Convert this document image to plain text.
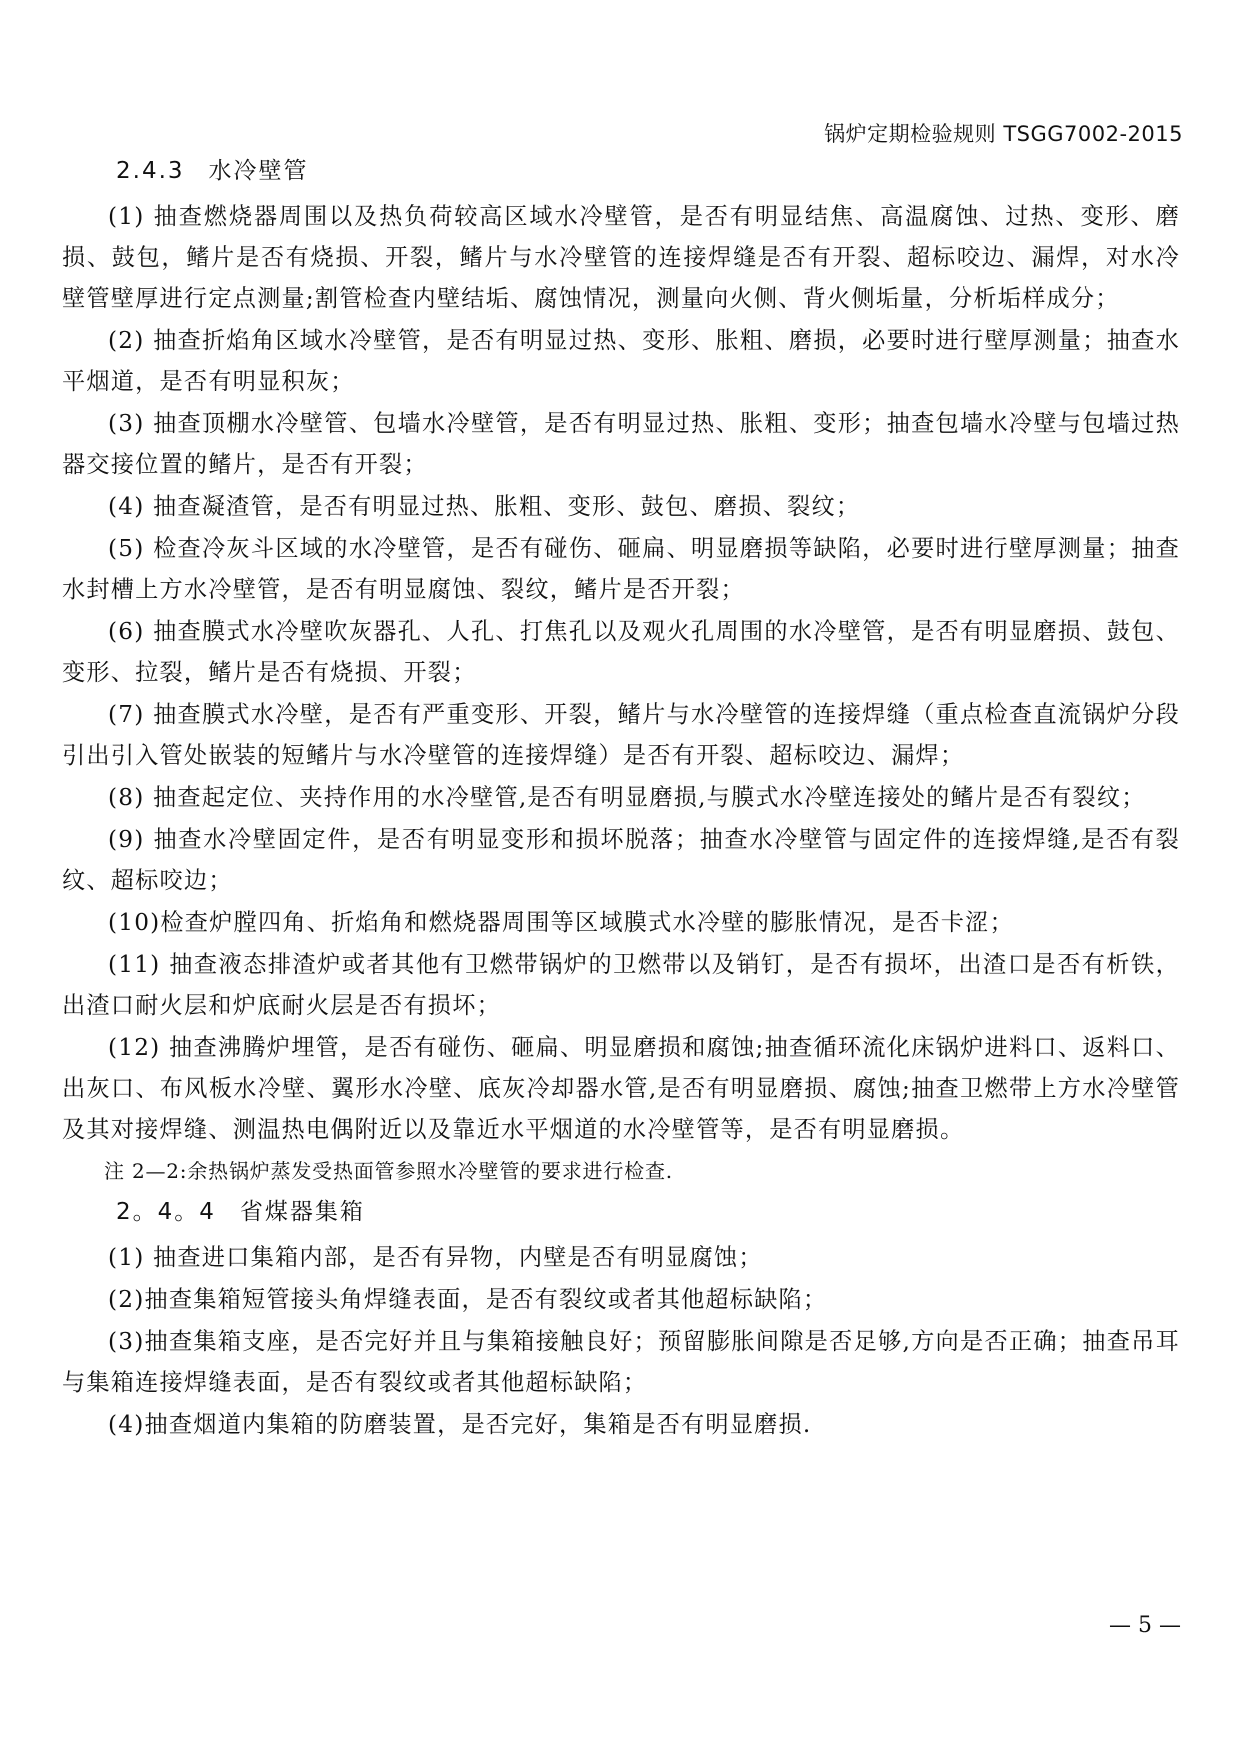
锅炉定期检验规则 TSGG7002-2015
2.4.3 水冷壁管

(1) 抽查燃烧器周围以及热负荷较高区域水冷壁管，是否有明显结焦、高温腐蚀、过热、变形、磨损、鼓包，鳍片是否有烧损、开裂，鳍片与水冷壁管的连接焊缝是否有开裂、超标咬边、漏焊，对水冷壁管壁厚进行定点测量;割管检查内壁结垢、腐蚀情况，测量向火侧、背火侧垢量，分析垢样成分；

(2) 抽查折焰角区域水冷壁管，是否有明显过热、变形、胀粗、磨损，必要时进行壁厚测量；抽查水平烟道，是否有明显积灰；

(3) 抽查顶棚水冷壁管、包墙水冷壁管，是否有明显过热、胀粗、变形；抽查包墙水冷壁与包墙过热器交接位置的鳍片，是否有开裂；

(4) 抽查凝渣管，是否有明显过热、胀粗、变形、鼓包、磨损、裂纹；

(5) 检查冷灰斗区域的水冷壁管，是否有碰伤、砸扁、明显磨损等缺陷，必要时进行壁厚测量；抽查水封槽上方水冷壁管，是否有明显腐蚀、裂纹，鳍片是否开裂；

(6) 抽查膜式水冷壁吹灰器孔、人孔、打焦孔以及观火孔周围的水冷壁管，是否有明显磨损、鼓包、变形、拉裂，鳍片是否有烧损、开裂；

(7) 抽查膜式水冷壁，是否有严重变形、开裂，鳍片与水冷壁管的连接焊缝（重点检查直流锅炉分段引出引入管处嵌装的短鳍片与水冷壁管的连接焊缝）是否有开裂、超标咬边、漏焊；

(8) 抽查起定位、夹持作用的水冷壁管,是否有明显磨损,与膜式水冷壁连接处的鳍片是否有裂纹；

(9) 抽查水冷壁固定件，是否有明显变形和损坏脱落；抽查水冷壁管与固定件的连接焊缝,是否有裂纹、超标咬边；

(10)检查炉膛四角、折焰角和燃烧器周围等区域膜式水冷壁的膨胀情况，是否卡涩；

(11) 抽查液态排渣炉或者其他有卫燃带锅炉的卫燃带以及销钉，是否有损坏，出渣口是否有析铁，出渣口耐火层和炉底耐火层是否有损坏；

(12) 抽查沸腾炉埋管，是否有碰伤、砸扁、明显磨损和腐蚀;抽查循环流化床锅炉进料口、返料口、出灰口、布风板水冷壁、翼形水冷壁、底灰冷却器水管,是否有明显磨损、腐蚀;抽查卫燃带上方水冷壁管及其对接焊缝、测温热电偶附近以及靠近水平烟道的水冷壁管等，是否有明显磨损。

注 2—2:余热锅炉蒸发受热面管参照水冷壁管的要求进行检查.

2。4。4 省煤器集箱

(1) 抽查进口集箱内部，是否有异物，内壁是否有明显腐蚀；

(2)抽查集箱短管接头角焊缝表面，是否有裂纹或者其他超标缺陷；

(3)抽查集箱支座，是否完好并且与集箱接触良好；预留膨胀间隙是否足够,方向是否正确；抽查吊耳与集箱连接焊缝表面，是否有裂纹或者其他超标缺陷；

(4)抽查烟道内集箱的防磨装置，是否完好，集箱是否有明显磨损.

— 5 —
